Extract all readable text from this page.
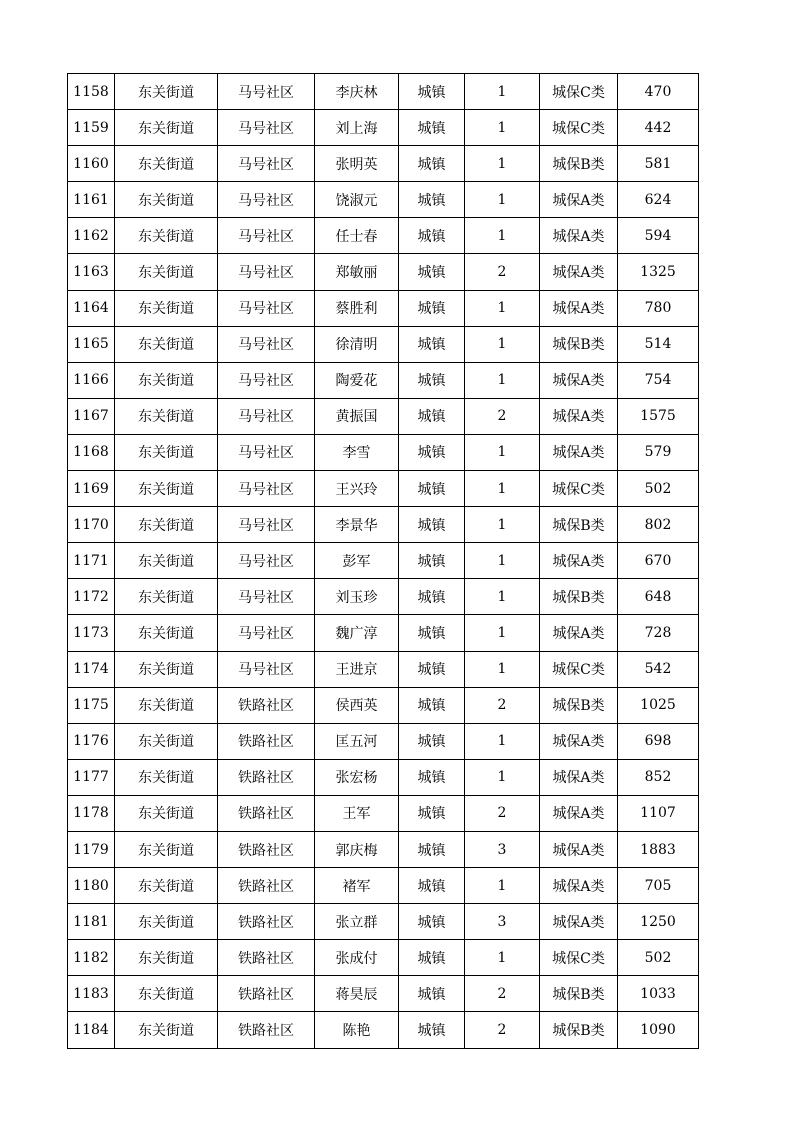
1158	东关街道	马号社区	李庆林	城镇	1	城保C类	470
1159	东关街道	马号社区	刘上海	城镇	1	城保C类	442
1160	东关街道	马号社区	张明英	城镇	1	城保B类	581
1161	东关街道	马号社区	饶淑元	城镇	1	城保A类	624
1162	东关街道	马号社区	任士春	城镇	1	城保A类	594
1163	东关街道	马号社区	郑敏丽	城镇	2	城保A类	1325
1164	东关街道	马号社区	蔡胜利	城镇	1	城保A类	780
1165	东关街道	马号社区	徐清明	城镇	1	城保B类	514
1166	东关街道	马号社区	陶爱花	城镇	1	城保A类	754
1167	东关街道	马号社区	黄振国	城镇	2	城保A类	1575
1168	东关街道	马号社区	李雪	城镇	1	城保A类	579
1169	东关街道	马号社区	王兴玲	城镇	1	城保C类	502
1170	东关街道	马号社区	李景华	城镇	1	城保B类	802
1171	东关街道	马号社区	彭军	城镇	1	城保A类	670
1172	东关街道	马号社区	刘玉珍	城镇	1	城保B类	648
1173	东关街道	马号社区	魏广淳	城镇	1	城保A类	728
1174	东关街道	马号社区	王进京	城镇	1	城保C类	542
1175	东关街道	铁路社区	侯西英	城镇	2	城保B类	1025
1176	东关街道	铁路社区	匡五河	城镇	1	城保A类	698
1177	东关街道	铁路社区	张宏杨	城镇	1	城保A类	852
1178	东关街道	铁路社区	王军	城镇	2	城保A类	1107
1179	东关街道	铁路社区	郭庆梅	城镇	3	城保A类	1883
1180	东关街道	铁路社区	褚军	城镇	1	城保A类	705
1181	东关街道	铁路社区	张立群	城镇	3	城保A类	1250
1182	东关街道	铁路社区	张成付	城镇	1	城保C类	502
1183	东关街道	铁路社区	蒋昊辰	城镇	2	城保B类	1033
1184	东关街道	铁路社区	陈艳	城镇	2	城保B类	1090
